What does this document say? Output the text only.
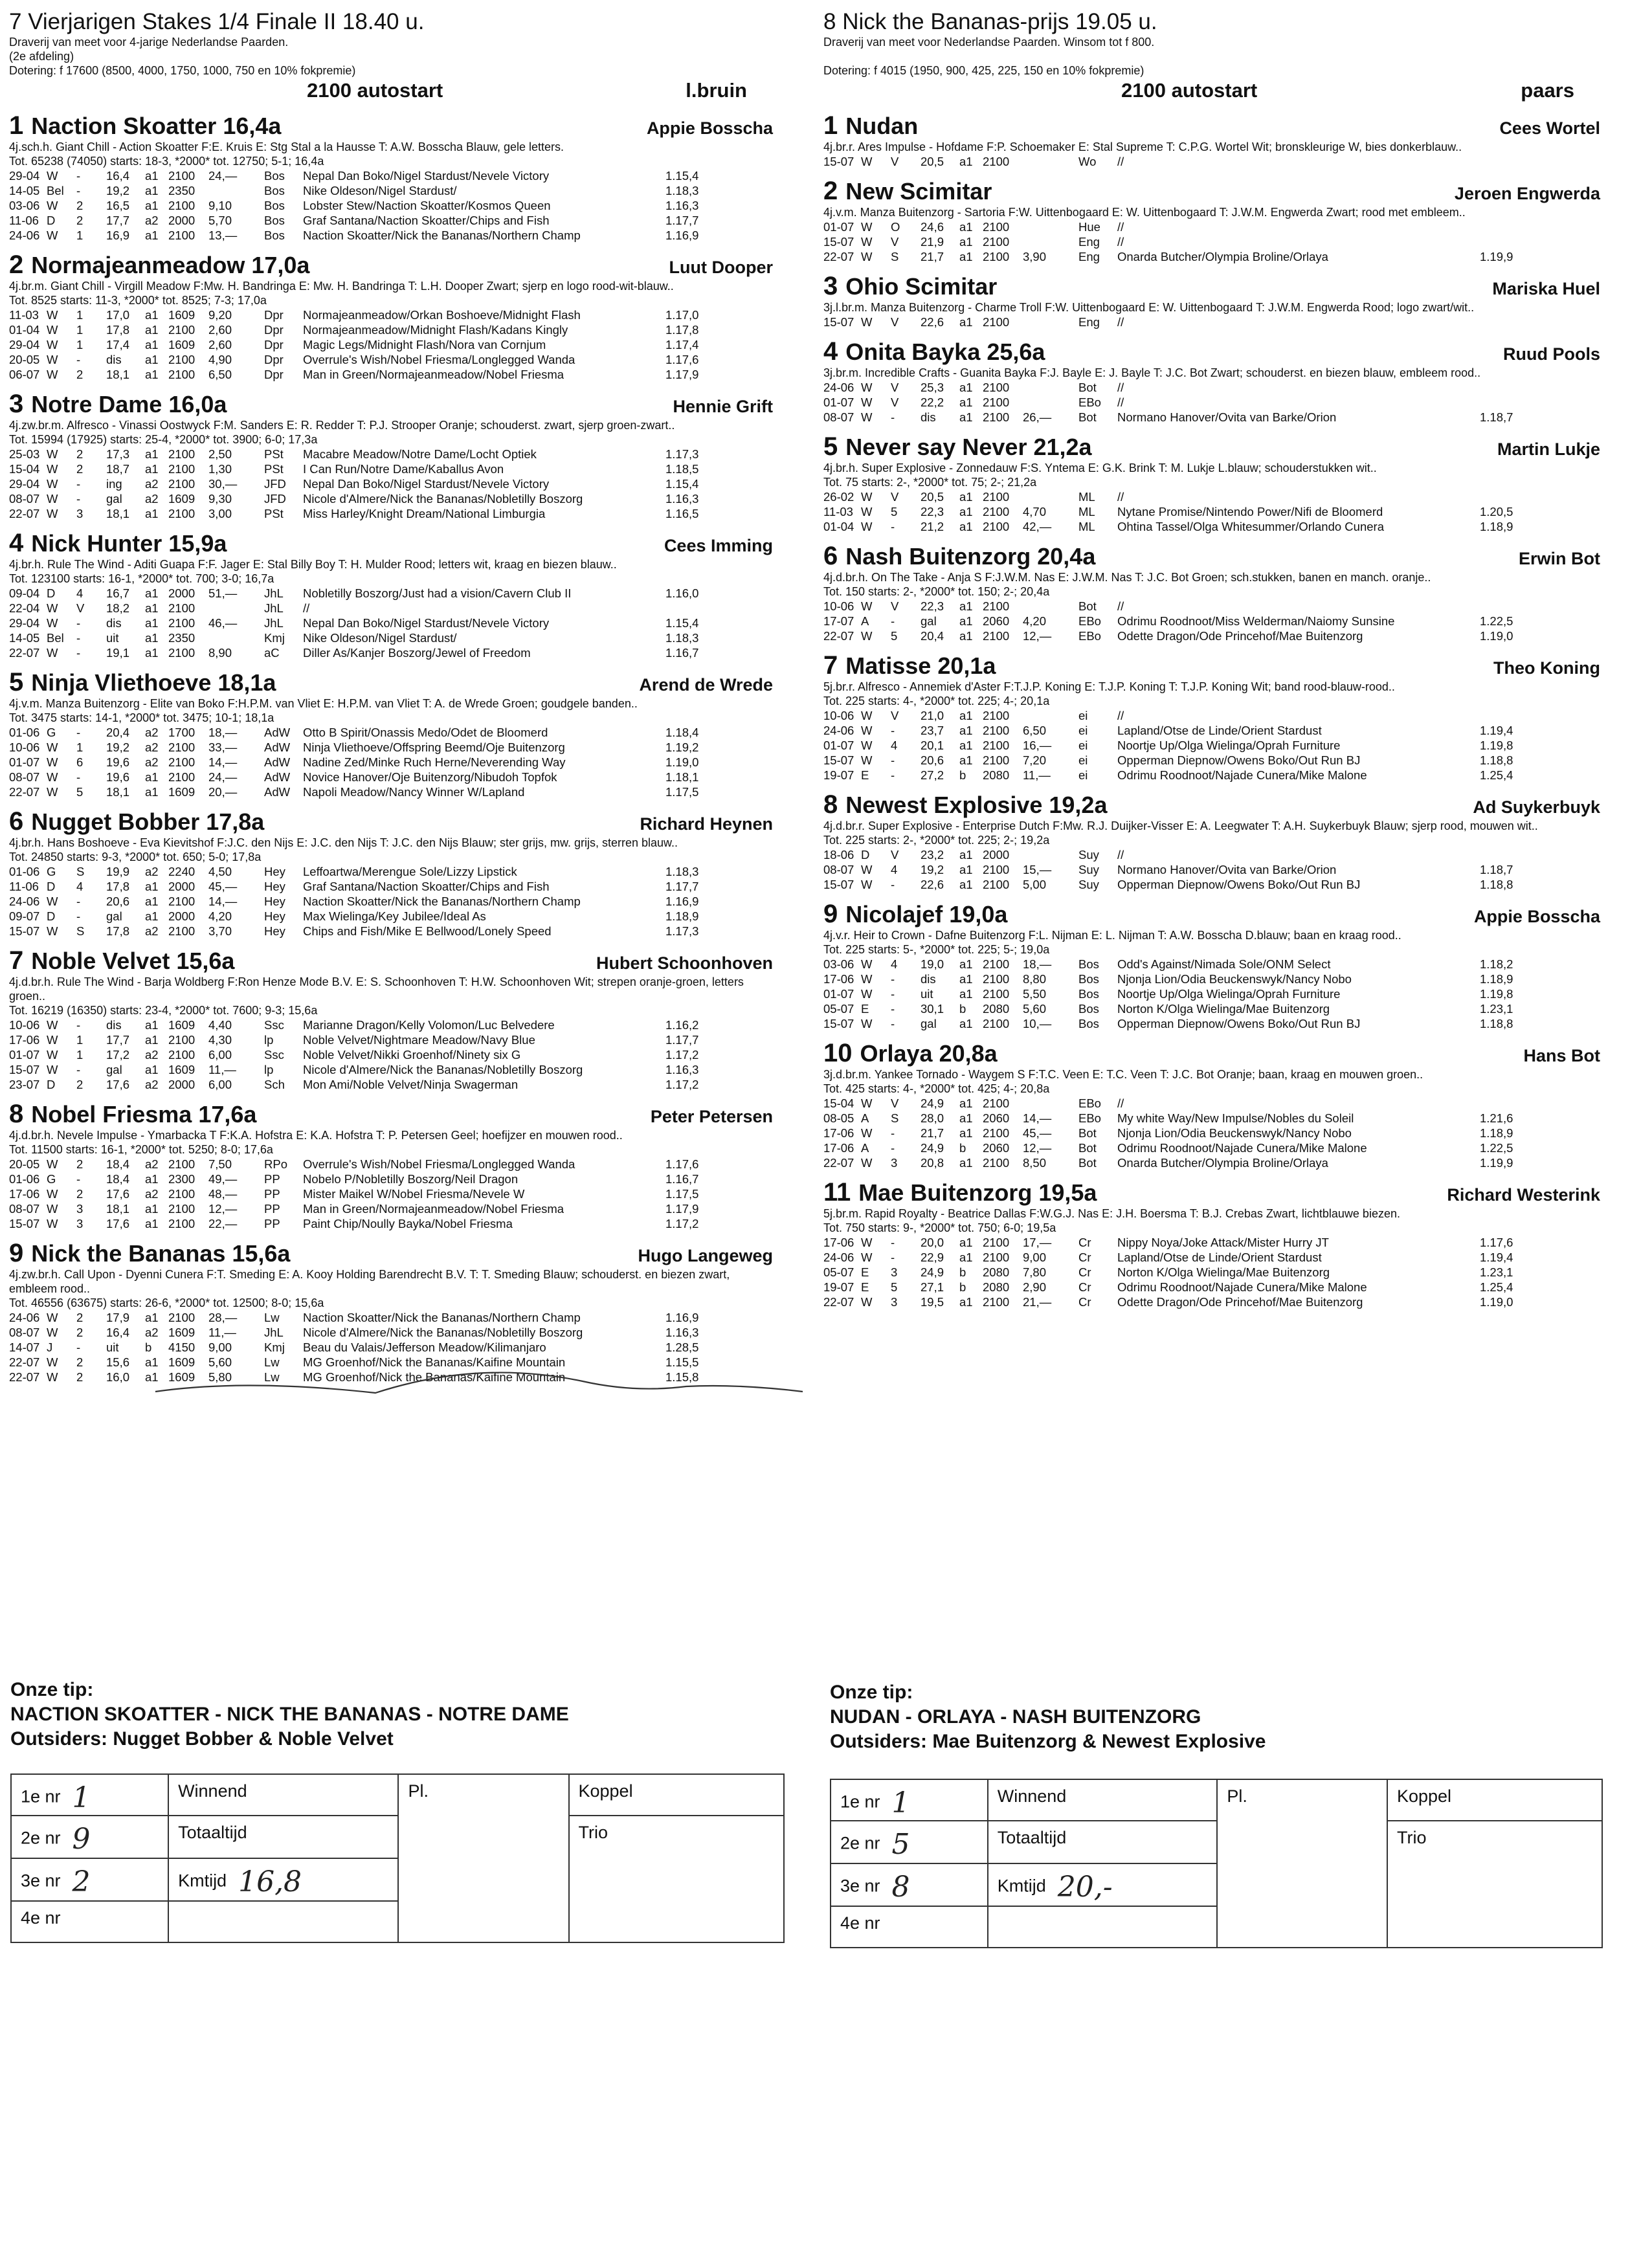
7 Vierjarigen Stakes 1/4 Finale II 18.40 u.
Draverij van meet voor 4-jarige Nederlandse Paarden.
(2e afdeling)
Dotering: f 17600 (8500, 4000, 1750, 1000, 750 en 10% fokpremie)
2100 autostart	l.bruin
1 Naction Skoatter 16,4a	Appie Bosscha
4j.sch.h. Giant Chill - Action Skoatter F:E. Kruis E: Stg Stal a la Hausse T: A.W. Bosscha Blauw, gele letters.
Tot. 65238 (74050) starts: 18-3, *2000* tot. 12750; 5-1; 16,4a
29-04	W	-	16,4	a1	2100	24,—	Bos	Nepal Dan Boko/Nigel Stardust/Nevele Victory	1.15,4
14-05	Bel	-	19,2	a1	2350		Bos	Nike Oldeson/Nigel Stardust/	1.18,3
03-06	W	2	16,5	a1	2100	9,10	Bos	Lobster Stew/Naction Skoatter/Kosmos Queen	1.16,3
11-06	D	2	17,7	a2	2000	5,70	Bos	Graf Santana/Naction Skoatter/Chips and Fish	1.17,7
24-06	W	1	16,9	a1	2100	13,—	Bos	Naction Skoatter/Nick the Bananas/Northern Champ	1.16,9
2 Normajeanmeadow 17,0a	Luut Dooper
4j.br.m. Giant Chill - Virgill Meadow F:Mw. H. Bandringa E: Mw. H. Bandringa T: L.H. Dooper Zwart; sjerp en logo rood-wit-blauw..
Tot. 8525 starts: 11-3, *2000* tot. 8525; 7-3; 17,0a
11-03	W	1	17,0	a1	1609	9,20	Dpr	Normajeanmeadow/Orkan Boshoeve/Midnight Flash	1.17,0
01-04	W	1	17,8	a1	2100	2,60	Dpr	Normajeanmeadow/Midnight Flash/Kadans Kingly	1.17,8
29-04	W	1	17,4	a1	1609	2,60	Dpr	Magic Legs/Midnight Flash/Nora van Cornjum	1.17,4
20-05	W	-	dis	a1	2100	4,90	Dpr	Overrule's Wish/Nobel Friesma/Longlegged Wanda	1.17,6
06-07	W	2	18,1	a1	2100	6,50	Dpr	Man in Green/Normajeanmeadow/Nobel Friesma	1.17,9
3 Notre Dame 16,0a	Hennie Grift
4j.zw.br.m. Alfresco - Vinassi Oostwyck F:M. Sanders E: R. Redder T: P.J. Strooper Oranje; schouderst. zwart, sjerp groen-zwart..
Tot. 15994 (17925) starts: 25-4, *2000* tot. 3900; 6-0; 17,3a
25-03	W	2	17,3	a1	2100	2,50	PSt	Macabre Meadow/Notre Dame/Locht Optiek	1.17,3
15-04	W	2	18,7	a1	2100	1,30	PSt	I Can Run/Notre Dame/Kaballus Avon	1.18,5
29-04	W	-	ing	a2	2100	30,—	JFD	Nepal Dan Boko/Nigel Stardust/Nevele Victory	1.15,4
08-07	W	-	gal	a2	1609	9,30	JFD	Nicole d'Almere/Nick the Bananas/Nobletilly Boszorg	1.16,3
22-07	W	3	18,1	a1	2100	3,00	PSt	Miss Harley/Knight Dream/National Limburgia	1.16,5
4 Nick Hunter 15,9a	Cees Imming
4j.br.h. Rule The Wind - Aditi Guapa F:F. Jager E: Stal Billy Boy T: H. Mulder Rood; letters wit, kraag en biezen blauw..
Tot. 123100 starts: 16-1, *2000* tot. 700; 3-0; 16,7a
09-04	D	4	16,7	a1	2000	51,—	JhL	Nobletilly Boszorg/Just had a vision/Cavern Club II	1.16,0
22-04	W	V	18,2	a1	2100		JhL	//	
29-04	W	-	dis	a1	2100	46,—	JhL	Nepal Dan Boko/Nigel Stardust/Nevele Victory	1.15,4
14-05	Bel	-	uit	a1	2350		Kmj	Nike Oldeson/Nigel Stardust/	1.18,3
22-07	W	-	19,1	a1	2100	8,90	aC	Diller As/Kanjer Boszorg/Jewel of Freedom	1.16,7
5 Ninja Vliethoeve 18,1a	Arend de Wrede
4j.v.m. Manza Buitenzorg - Elite van Boko F:H.P.M. van Vliet E: H.P.M. van Vliet T: A. de Wrede Groen; goudgele banden..
Tot. 3475 starts: 14-1, *2000* tot. 3475; 10-1; 18,1a
01-06	G	-	20,4	a2	1700	18,—	AdW	Otto B Spirit/Onassis Medo/Odet de Bloomerd	1.18,4
10-06	W	1	19,2	a2	2100	33,—	AdW	Ninja Vliethoeve/Offspring Beemd/Oje Buitenzorg	1.19,2
01-07	W	6	19,6	a2	2100	14,—	AdW	Nadine Zed/Minke Ruch Herne/Neverending Way	1.19,0
08-07	W	-	19,6	a1	2100	24,—	AdW	Novice Hanover/Oje Buitenzorg/Nibudoh Topfok	1.18,1
22-07	W	5	18,1	a1	1609	20,—	AdW	Napoli Meadow/Nancy Winner W/Lapland	1.17,5
6 Nugget Bobber 17,8a	Richard Heynen
4j.br.h. Hans Boshoeve - Eva Kievitshof F:J.C. den Nijs E: J.C. den Nijs T: J.C. den Nijs Blauw; ster grijs, mw. grijs, sterren blauw..
Tot. 24850 starts: 9-3, *2000* tot. 650; 5-0; 17,8a
01-06	G	S	19,9	a2	2240	4,50	Hey	Leffoartwa/Merengue Sole/Lizzy Lipstick	1.18,3
11-06	D	4	17,8	a1	2000	45,—	Hey	Graf Santana/Naction Skoatter/Chips and Fish	1.17,7
24-06	W	-	20,6	a1	2100	14,—	Hey	Naction Skoatter/Nick the Bananas/Northern Champ	1.16,9
09-07	D	-	gal	a1	2000	4,20	Hey	Max Wielinga/Key Jubilee/Ideal As	1.18,9
15-07	W	S	17,8	a2	2100	3,70	Hey	Chips and Fish/Mike E Bellwood/Lonely Speed	1.17,3
7 Noble Velvet 15,6a	Hubert Schoonhoven
4j.d.br.h. Rule The Wind - Barja Woldberg F:Ron Henze Mode B.V. E: S. Schoonhoven T: H.W. Schoonhoven Wit; strepen oranje-groen, letters groen..
Tot. 16219 (16350) starts: 23-4, *2000* tot. 7600; 9-3; 15,6a
10-06	W	-	dis	a1	1609	4,40	Ssc	Marianne Dragon/Kelly Volomon/Luc Belvedere	1.16,2
17-06	W	1	17,7	a1	2100	4,30	lp	Noble Velvet/Nightmare Meadow/Navy Blue	1.17,7
01-07	W	1	17,2	a2	2100	6,00	Ssc	Noble Velvet/Nikki Groenhof/Ninety six G	1.17,2
15-07	W	-	gal	a1	1609	11,—	lp	Nicole d'Almere/Nick the Bananas/Nobletilly Boszorg	1.16,3
23-07	D	2	17,6	a2	2000	6,00	Sch	Mon Ami/Noble Velvet/Ninja Swagerman	1.17,2
8 Nobel Friesma 17,6a	Peter Petersen
4j.d.br.h. Nevele Impulse - Ymarbacka T F:K.A. Hofstra E: K.A. Hofstra T: P. Petersen Geel; hoefijzer en mouwen rood..
Tot. 11500 starts: 16-1, *2000* tot. 5250; 8-0; 17,6a
20-05	W	2	18,4	a2	2100	7,50	RPo	Overrule's Wish/Nobel Friesma/Longlegged Wanda	1.17,6
01-06	G	-	18,4	a1	2300	49,—	PP	Nobelo P/Nobletilly Boszorg/Neil Dragon	1.16,7
17-06	W	2	17,6	a2	2100	48,—	PP	Mister Maikel W/Nobel Friesma/Nevele W	1.17,5
08-07	W	3	18,1	a1	2100	12,—	PP	Man in Green/Normajeanmeadow/Nobel Friesma	1.17,9
15-07	W	3	17,6	a1	2100	22,—	PP	Paint Chip/Noully Bayka/Nobel Friesma	1.17,2
9 Nick the Bananas 15,6a	Hugo Langeweg
4j.zw.br.h. Call Upon - Dyenni Cunera F:T. Smeding E: A. Kooy Holding Barendrecht B.V. T: T. Smeding Blauw; schouderst. en biezen zwart, embleem rood..
Tot. 46556 (63675) starts: 26-6, *2000* tot. 12500; 8-0; 15,6a
24-06	W	2	17,9	a1	2100	28,—	Lw	Naction Skoatter/Nick the Bananas/Northern Champ	1.16,9
08-07	W	2	16,4	a2	1609	11,—	JhL	Nicole d'Almere/Nick the Bananas/Nobletilly Boszorg	1.16,3
14-07	J	-	uit	b	4150	9,00	Kmj	Beau du Valais/Jefferson Meadow/Kilimanjaro	1.28,5
22-07	W	2	15,6	a1	1609	5,60	Lw	MG Groenhof/Nick the Bananas/Kaifine Mountain	1.15,5
22-07	W	2	16,0	a1	1609	5,80	Lw	MG Groenhof/Nick the Bananas/Kaifine Mountain	1.15,8
8 Nick the Bananas-prijs 19.05 u.
Draverij van meet voor Nederlandse Paarden. Winsom tot f 800.
Dotering: f 4015 (1950, 900, 425, 225, 150 en 10% fokpremie)
2100 autostart	paars
1 Nudan	Cees Wortel
4j.br.r. Ares Impulse - Hofdame F:P. Schoemaker E: Stal Supreme T: C.P.G. Wortel Wit; bronskleurige W, bies donkerblauw..
15-07	W	V	20,5	a1	2100		Wo	//	
2 New Scimitar	Jeroen Engwerda
4j.v.m. Manza Buitenzorg - Sartoria F:W. Uittenbogaard E: W. Uittenbogaard T: J.W.M. Engwerda Zwart; rood met embleem..
01-07	W	O	24,6	a1	2100		Hue	//	
15-07	W	V	21,9	a1	2100		Eng	//	
22-07	W	S	21,7	a1	2100	3,90	Eng	Onarda Butcher/Olympia Broline/Orlaya	1.19,9
3 Ohio Scimitar	Mariska Huel
3j.l.br.m. Manza Buitenzorg - Charme Troll F:W. Uittenbogaard E: W. Uittenbogaard T: J.W.M. Engwerda Rood; logo zwart/wit..
15-07	W	V	22,6	a1	2100		Eng	//	
4 Onita Bayka 25,6a	Ruud Pools
3j.br.m. Incredible Crafts - Guanita Bayka F:J. Bayle E: J. Bayle T: J.C. Bot Zwart; schouderst. en biezen blauw, embleem rood..
24-06	W	V	25,3	a1	2100		Bot	//	
01-07	W	V	22,2	a1	2100		EBo	//	
08-07	W	-	dis	a1	2100	26,—	Bot	Normano Hanover/Ovita van Barke/Orion	1.18,7
5 Never say Never 21,2a	Martin Lukje
4j.br.h. Super Explosive - Zonnedauw F:S. Yntema E: G.K. Brink T: M. Lukje L.blauw; schouderstukken wit..
Tot. 75 starts: 2-, *2000* tot. 75; 2-; 21,2a
26-02	W	V	20,5	a1	2100		ML	//	
11-03	W	5	22,3	a1	2100	4,70	ML	Nytane Promise/Nintendo Power/Nifi de Bloomerd	1.20,5
01-04	W	-	21,2	a1	2100	42,—	ML	Ohtina Tassel/Olga Whitesummer/Orlando Cunera	1.18,9
6 Nash Buitenzorg 20,4a	Erwin Bot
4j.d.br.h. On The Take - Anja S F:J.W.M. Nas E: J.W.M. Nas T: J.C. Bot Groen; sch.stukken, banen en manch. oranje..
Tot. 150 starts: 2-, *2000* tot. 150; 2-; 20,4a
10-06	W	V	22,3	a1	2100		Bot	//	
17-07	A	-	gal	a1	2060	4,20	EBo	Odrimu Roodnoot/Miss Welderman/Naiomy Sunsine	1.22,5
22-07	W	5	20,4	a1	2100	12,—	EBo	Odette Dragon/Ode Princehof/Mae Buitenzorg	1.19,0
7 Matisse 20,1a	Theo Koning
5j.br.r. Alfresco - Annemiek d'Aster F:T.J.P. Koning E: T.J.P. Koning T: T.J.P. Koning Wit; band rood-blauw-rood..
Tot. 225 starts: 4-, *2000* tot. 225; 4-; 20,1a
10-06	W	V	21,0	a1	2100		ei	//	
24-06	W	-	23,7	a1	2100	6,50	ei	Lapland/Otse de Linde/Orient Stardust	1.19,4
01-07	W	4	20,1	a1	2100	16,—	ei	Noortje Up/Olga Wielinga/Oprah Furniture	1.19,8
15-07	W	-	20,6	a1	2100	7,20	ei	Opperman Diepnow/Owens Boko/Out Run BJ	1.18,8
19-07	E	-	27,2	b	2080	11,—	ei	Odrimu Roodnoot/Najade Cunera/Mike Malone	1.25,4
8 Newest Explosive 19,2a	Ad Suykerbuyk
4j.d.br.r. Super Explosive - Enterprise Dutch F:Mw. R.J. Duijker-Visser E: A. Leegwater T: A.H. Suykerbuyk Blauw; sjerp rood, mouwen wit..
Tot. 225 starts: 2-, *2000* tot. 225; 2-; 19,2a
18-06	D	V	23,2	a1	2000		Suy	//	
08-07	W	4	19,2	a1	2100	15,—	Suy	Normano Hanover/Ovita van Barke/Orion	1.18,7
15-07	W	-	22,6	a1	2100	5,00	Suy	Opperman Diepnow/Owens Boko/Out Run BJ	1.18,8
9 Nicolajef 19,0a	Appie Bosscha
4j.v.r. Heir to Crown - Dafne Buitenzorg F:L. Nijman E: L. Nijman T: A.W. Bosscha D.blauw; baan en kraag rood..
Tot. 225 starts: 5-, *2000* tot. 225; 5-; 19,0a
03-06	W	4	19,0	a1	2100	18,—	Bos	Odd's Against/Nimada Sole/ONM Select	1.18,2
17-06	W	-	dis	a1	2100	8,80	Bos	Njonja Lion/Odia Beuckenswyk/Nancy Nobo	1.18,9
01-07	W	-	uit	a1	2100	5,50	Bos	Noortje Up/Olga Wielinga/Oprah Furniture	1.19,8
05-07	E	-	30,1	b	2080	5,60	Bos	Norton K/Olga Wielinga/Mae Buitenzorg	1.23,1
15-07	W	-	gal	a1	2100	10,—	Bos	Opperman Diepnow/Owens Boko/Out Run BJ	1.18,8
10 Orlaya 20,8a	Hans Bot
3j.d.br.m. Yankee Tornado - Waygem S F:T.C. Veen E: T.C. Veen T: J.C. Bot Oranje; baan, kraag en mouwen groen..
Tot. 425 starts: 4-, *2000* tot. 425; 4-; 20,8a
15-04	W	V	24,9	a1	2100		EBo	//	
08-05	A	S	28,0	a1	2060	14,—	EBo	My white Way/New Impulse/Nobles du Soleil	1.21,6
17-06	W	-	21,7	a1	2100	45,—	Bot	Njonja Lion/Odia Beuckenswyk/Nancy Nobo	1.18,9
17-06	A	-	24,9	b	2060	12,—	Bot	Odrimu Roodnoot/Najade Cunera/Mike Malone	1.22,5
22-07	W	3	20,8	a1	2100	8,50	Bot	Onarda Butcher/Olympia Broline/Orlaya	1.19,9
11 Mae Buitenzorg 19,5a	Richard Westerink
5j.br.m. Rapid Royalty - Beatrice Dallas F:W.G.J. Nas E: J.H. Boersma T: B.J. Crebas Zwart, lichtblauwe biezen.
Tot. 750 starts: 9-, *2000* tot. 750; 6-0; 19,5a
17-06	W	-	20,0	a1	2100	17,—	Cr	Nippy Noya/Joke Attack/Mister Hurry JT	1.17,6
24-06	W	-	22,9	a1	2100	9,00	Cr	Lapland/Otse de Linde/Orient Stardust	1.19,4
05-07	E	3	24,9	b	2080	7,80	Cr	Norton K/Olga Wielinga/Mae Buitenzorg	1.23,1
19-07	E	5	27,1	b	2080	2,90	Cr	Odrimu Roodnoot/Najade Cunera/Mike Malone	1.25,4
22-07	W	3	19,5	a1	2100	21,—	Cr	Odette Dragon/Ode Princehof/Mae Buitenzorg	1.19,0
Onze tip:
NACTION SKOATTER - NICK THE BANANAS - NOTRE DAME
Outsiders: Nugget Bobber & Noble Velvet
Onze tip:
NUDAN - ORLAYA - NASH BUITENZORG
Outsiders: Mae Buitenzorg & Newest Explosive
1e nr 1	Winnend	Pl.	Koppel
2e nr 9	Totaaltijd		Trio
3e nr 2	Kmtijd 16,8		
4e nr			
1e nr 1	Winnend	Pl.	Koppel
2e nr 5	Totaaltijd		Trio
3e nr 8	Kmtijd 20,-		
4e nr			
